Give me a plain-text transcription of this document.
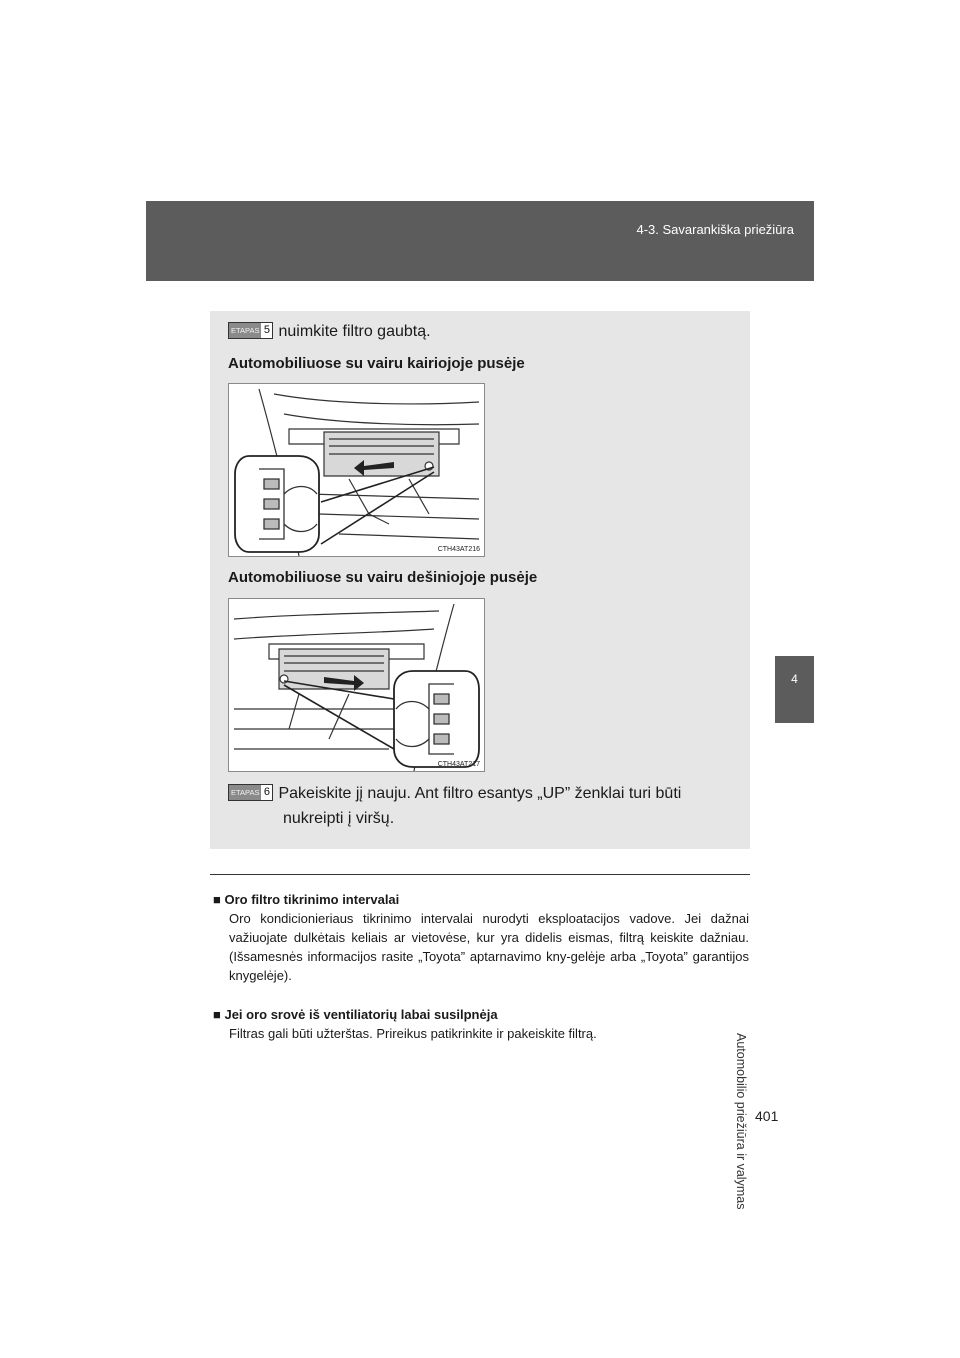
4-3. Savarankiška priežiūra
4
Automobilio priežiūra ir valymas
ETAPAS 5 nuimkite filtro gaubtą.
Automobiliuose su vairu kairiojoje pusėje
CTH43AT216
Automobiliuose su vairu dešiniojoje pusėje
CTH43AT217
ETAPAS 6 Pakeiskite jį nauju. Ant filtro esantys „UP” ženklai turi būti
nukreipti į viršų.
■ Oro filtro tikrinimo intervalai
Oro kondicionieriaus tikrinimo intervalai nurodyti eksploatacijos vadove. Jei dažnai važiuojate dulkėtais keliais ar vietovėse, kur yra didelis eismas, filtrą keiskite dažniau. (Išsamesnės informacijos rasite „Toyota” aptarnavimo kny-gelėje arba „Toyota” garantijos knygelėje).
■ Jei oro srovė iš ventiliatorių labai susilpnėja
Filtras gali būti užterštas. Prireikus patikrinkite ir pakeiskite filtrą.
401
